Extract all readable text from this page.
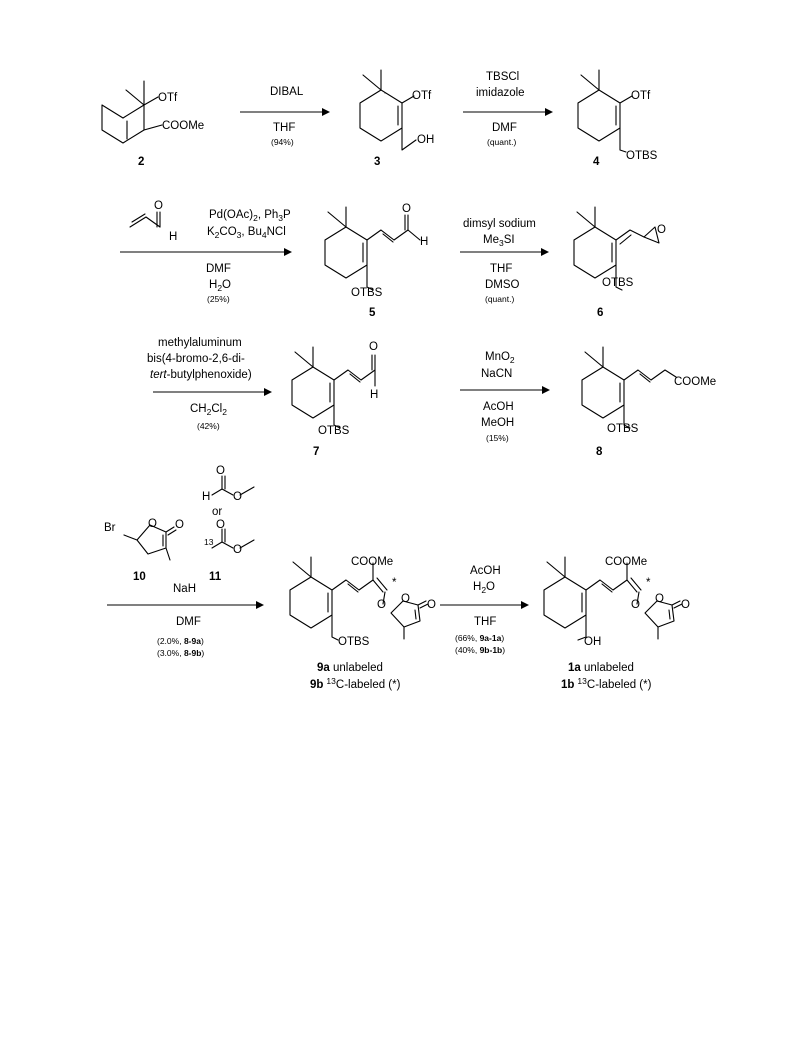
OTf
COOMe
2
DIBAL
THF
(94%)
OTf
OH
3
TBSCl
imidazole
DMF
(quant.)
OTf
OTBS
4
O
H
$Pd(OAc)_2$, $Ph_3P$
$K_2CO_3$, $Bu_4NCl$
DMF
$H_2O$
(25%)
O
H
OTBS
5
dimsyl sodium
$Me_3SI$
THF
DMSO
(quant.)
O
OTBS
6
methylaluminum
bis(4-bromo-2,6-di-
tert-butylphenoxide)
$CH_2Cl_2$
(42%)
O
H
OTBS
7
MnO$_2$
NaCN
AcOH
MeOH
(15%)
COOMe
OTBS
8
Br	O O
10
O
H O
or
O
13
O
11
NaH
DMF
(2.0%, 8-9a)
(3.0%, 8-9b)
COOMe
*
O O O
OTBS
9a unlabeled
9b $^{13}$C-labeled (*)
AcOH
$H_2O$
THF
(66%, 9a-1a)
(40%, 9b-1b)
COOMe
*
O O O
OH
1a unlabeled
1b $^{13}$C-labeled (*)
